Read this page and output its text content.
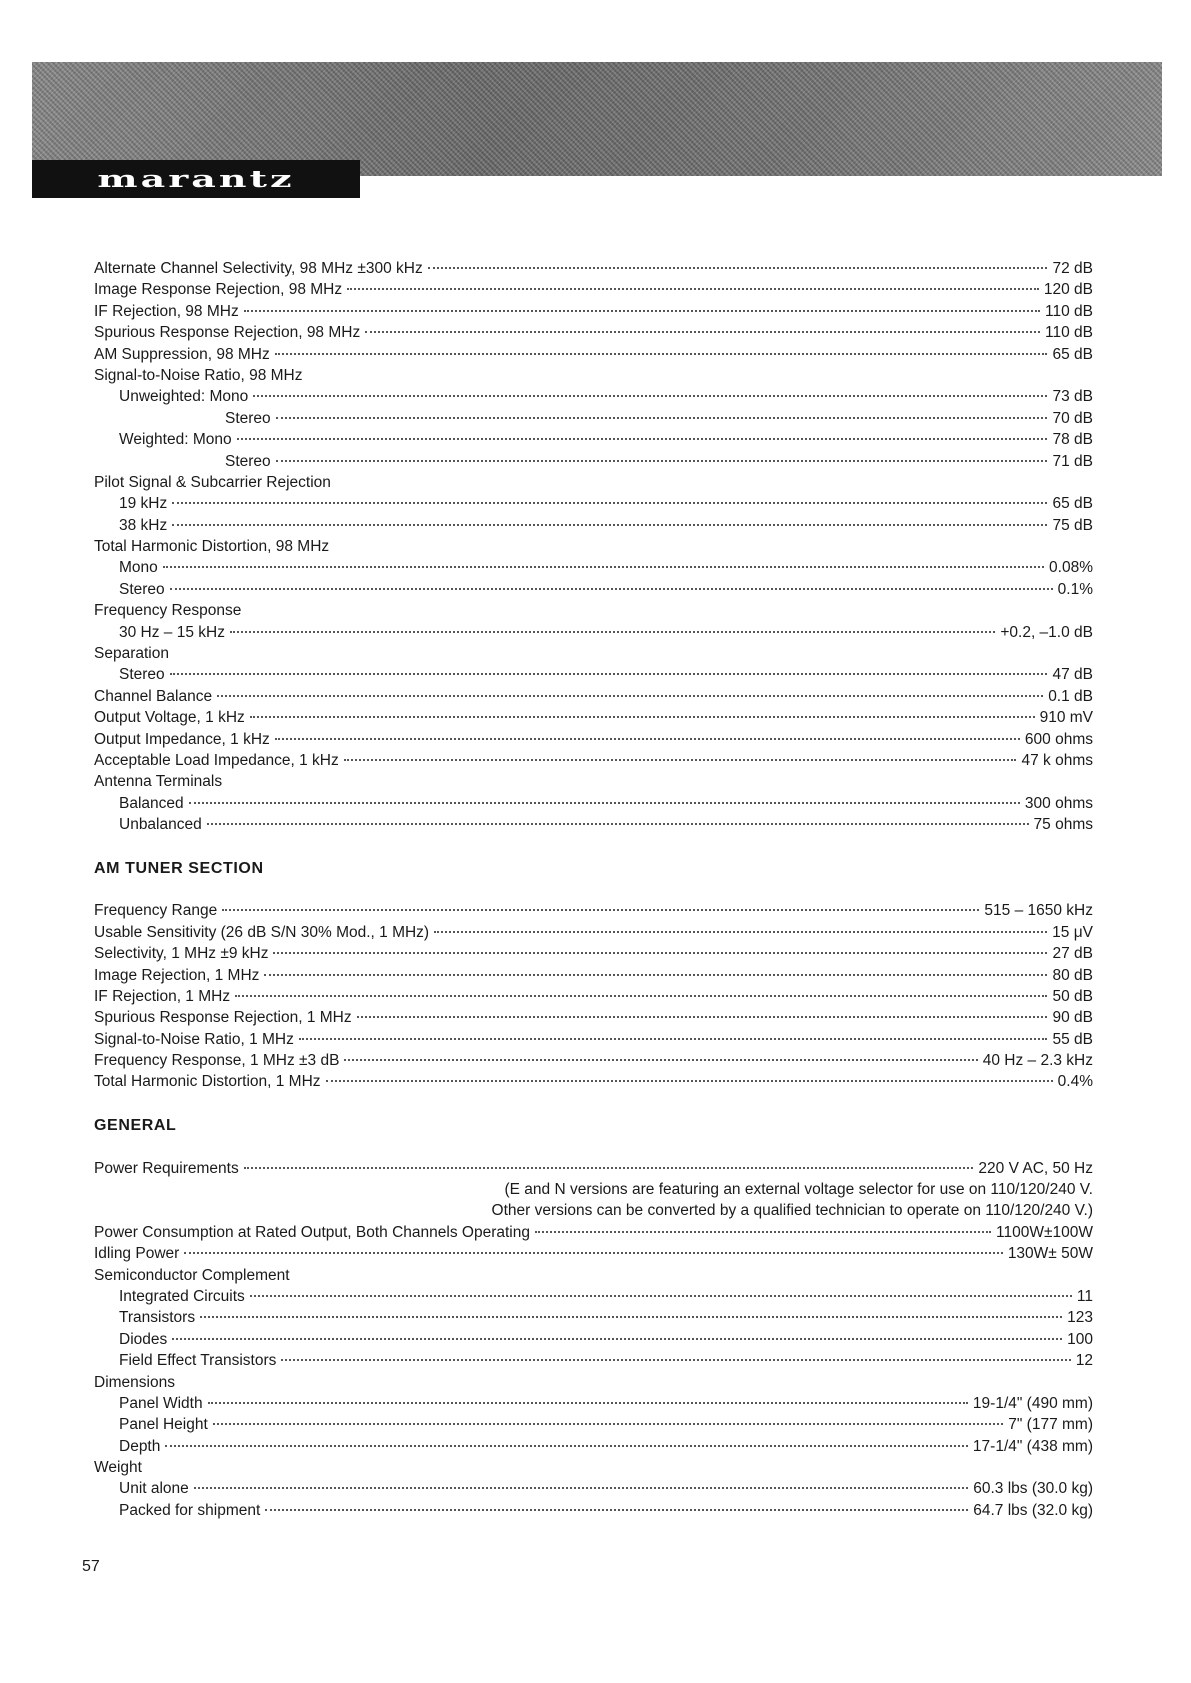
marantz
Alternate Channel Selectivity, 98 MHz ±300 kHz	72 dB
Image Response Rejection, 98 MHz	120 dB
IF Rejection, 98 MHz	110 dB
Spurious Response Rejection, 98 MHz	110 dB
AM Suppression, 98 MHz	65 dB
Signal-to-Noise Ratio, 98 MHz
Unweighted: Mono	73 dB
Stereo	70 dB
Weighted: Mono	78 dB
Stereo	71 dB
Pilot Signal & Subcarrier Rejection
19 kHz	65 dB
38 kHz	75 dB
Total Harmonic Distortion, 98 MHz
Mono	0.08%
Stereo	0.1%
Frequency Response
30 Hz – 15 kHz	+0.2, –1.0 dB
Separation
Stereo	47 dB
Channel Balance	0.1 dB
Output Voltage, 1 kHz	910 mV
Output Impedance, 1 kHz	600 ohms
Acceptable Load Impedance, 1 kHz	47 k ohms
Antenna Terminals
Balanced	300 ohms
Unbalanced	75 ohms
AM TUNER SECTION
Frequency Range	515 – 1650 kHz
Usable Sensitivity (26 dB S/N 30% Mod., 1 MHz)	15 μV
Selectivity, 1 MHz ±9 kHz	27 dB
Image Rejection, 1 MHz	80 dB
IF Rejection, 1 MHz	50 dB
Spurious Response Rejection, 1 MHz	90 dB
Signal-to-Noise Ratio, 1 MHz	55 dB
Frequency Response, 1 MHz ±3 dB	40 Hz – 2.3 kHz
Total Harmonic Distortion, 1 MHz	0.4%
GENERAL
Power Requirements	220 V AC, 50 Hz
(E and N versions are featuring an external voltage selector for use on 110/120/240 V.
Other versions can be converted by a qualified technician to operate on 110/120/240 V.)
Power Consumption at Rated Output, Both Channels Operating	1100W±100W
Idling Power	130W± 50W
Semiconductor Complement
Integrated Circuits	11
Transistors	123
Diodes	100
Field Effect Transistors	12
Dimensions
Panel Width	19-1/4" (490 mm)
Panel Height	7" (177 mm)
Depth	17-1/4" (438 mm)
Weight
Unit alone	60.3 lbs (30.0 kg)
Packed for shipment	64.7 lbs (32.0 kg)
57
